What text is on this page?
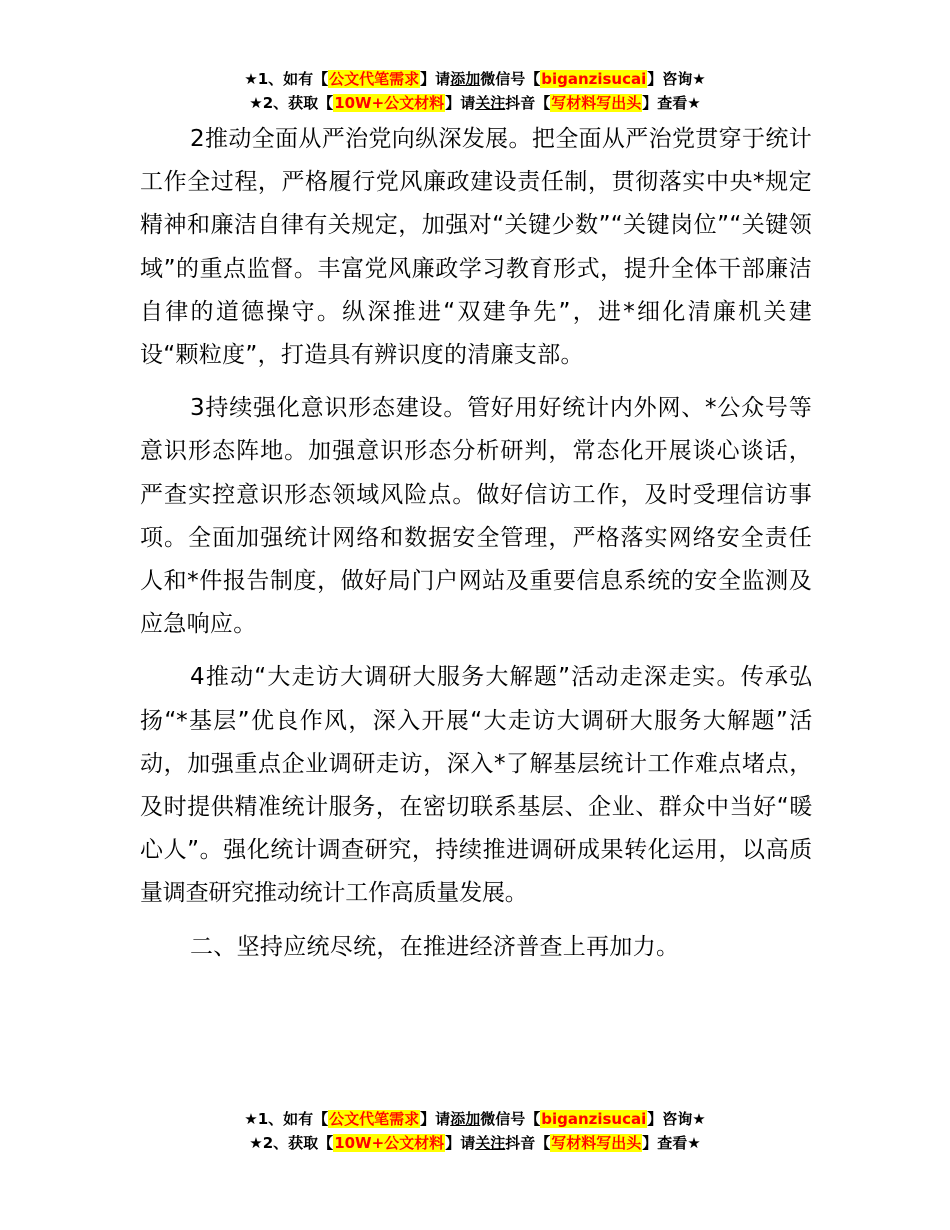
★1、如有【公文代笔需求】请添加微信号【biganzisucai】咨询★
★2、获取【10W+公文材料】请关注抖音【写材料写出头】查看★

2推动全面从严治党向纵深发展。把全面从严治党贯穿于统计工作全过程，严格履行党风廉政建设责任制，贯彻落实中央*规定精神和廉洁自律有关规定，加强对“关键少数”“关键岗位”“关键领域”的重点监督。丰富党风廉政学习教育形式，提升全体干部廉洁自律的道德操守。纵深推进“双建争先”，进*细化清廉机关建设“颗粒度”，打造具有辨识度的清廉支部。

3持续强化意识形态建设。管好用好统计内外网、*公众号等意识形态阵地。加强意识形态分析研判，常态化开展谈心谈话，严查实控意识形态领域风险点。做好信访工作，及时受理信访事项。全面加强统计网络和数据安全管理，严格落实网络安全责任人和*件报告制度，做好局门户网站及重要信息系统的安全监测及应急响应。

4推动“大走访大调研大服务大解题”活动走深走实。传承弘扬“*基层”优良作风，深入开展“大走访大调研大服务大解题”活动，加强重点企业调研走访，深入*了解基层统计工作难点堵点，及时提供精准统计服务，在密切联系基层、企业、群众中当好“暖心人”。强化统计调查研究，持续推进调研成果转化运用，以高质量调查研究推动统计工作高质量发展。

二、坚持应统尽统，在推进经济普查上再加力。

★1、如有【公文代笔需求】请添加微信号【biganzisucai】咨询★
★2、获取【10W+公文材料】请关注抖音【写材料写出头】查看★
